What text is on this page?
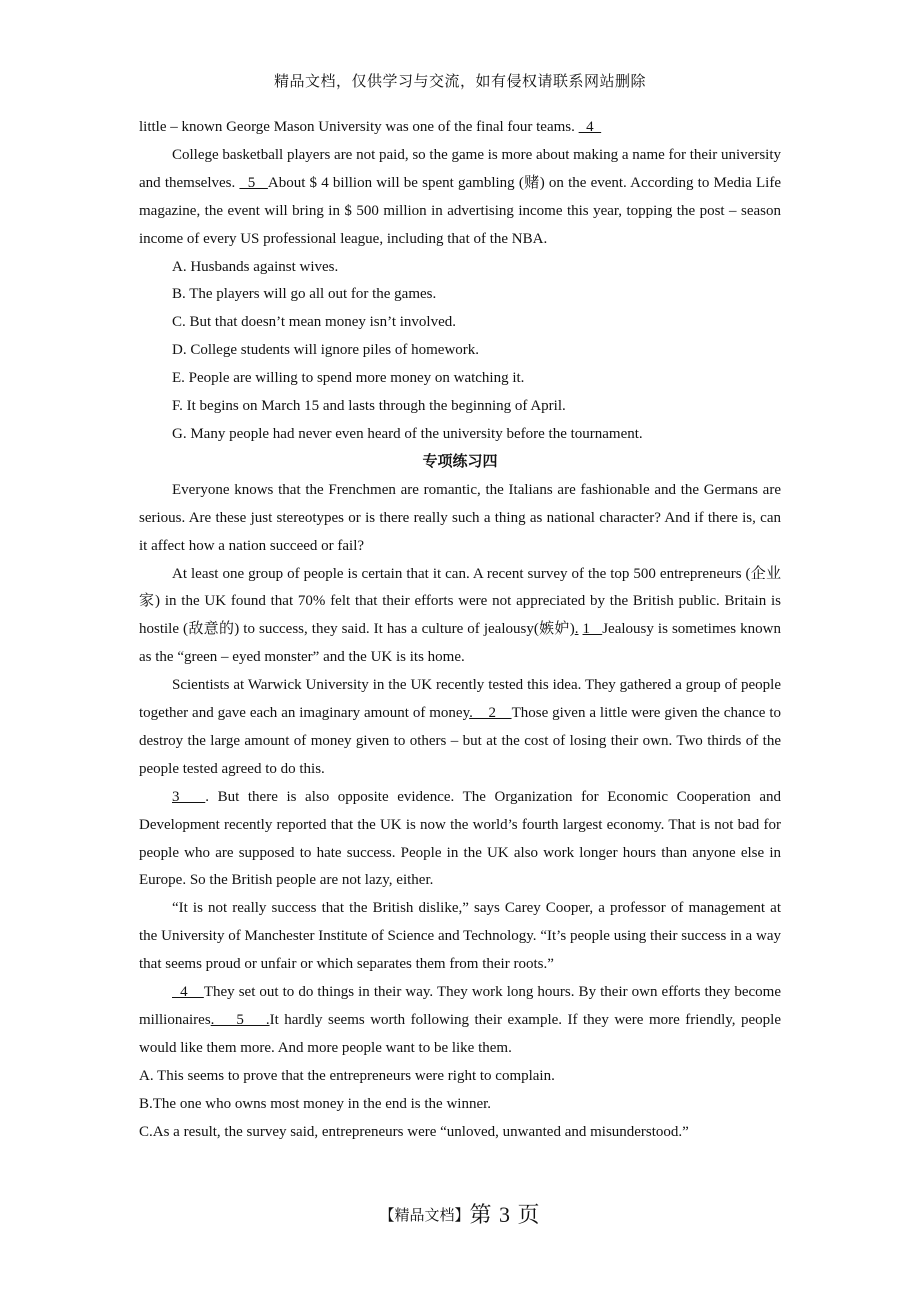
精品文档，仅供学习与交流，如有侵权请联系网站删除

little – known George Mason University was one of the final four teams.   4

College basketball players are not paid, so the game is more about making a name for their university and themselves.   5   About $ 4 billion will be spent gambling (赌) on the event. According to Media Life magazine, the event will bring in $ 500 million in advertising income this year, topping the post – season income of every US professional league, including that of the NBA.

A. Husbands against wives.

B. The players will go all out for the games.

C. But that doesn’t mean money isn’t involved.

D. College students will ignore piles of homework.

E. People are willing to spend more money on watching it.

F. It begins on March 15 and lasts through the beginning of April.

G. Many people had never even heard of the university before the tournament.

专项练习四

Everyone knows that the Frenchmen are romantic, the Italians are fashionable and the Germans are serious. Are these just stereotypes or is there really such a thing as national character? And if there is, can it affect how a nation succeed or fail?

At least one group of people is certain that it can. A recent survey of the top 500 entrepreneurs (企业家) in the UK found that 70% felt that their efforts were not appreciated by the British public. Britain is hostile (敌意的) to success, they said. It has a culture of jealousy(嫉妒). 1   Jealousy is sometimes known as the “green – eyed monster” and the UK is its home.

Scientists at Warwick University in the UK recently tested this idea. They gathered a group of people together and gave each an imaginary amount of money.    2    Those given a little were given the chance to destroy the large amount of money given to others – but at the cost of losing their own. Two thirds of the people tested agreed to do this.

3   . But there is also opposite evidence. The Organization for Economic Cooperation and Development recently reported that the UK is now the world’s fourth largest economy. That is not bad for people who are supposed to hate success. People in the UK also work longer hours than anyone else in Europe. So the British people are not lazy, either.

“It is not really success that the British dislike,” says Carey Cooper, a professor of management at the University of Manchester Institute of Science and Technology. “It’s people using their success in a way that seems proud or unfair or which separates them from their roots.”

4    They set out to do things in their way. They work long hours. By their own efforts they become millionaires.    5    .It hardly seems worth following their example. If they were more friendly, people would like them more. And more people want to be like them.

A. This seems to prove that the entrepreneurs were right to complain.

B.The one who owns most money in the end is the winner.

C.As a result, the survey said, entrepreneurs were “unloved, unwanted and misunderstood.”

【精品文档】第 3 页
